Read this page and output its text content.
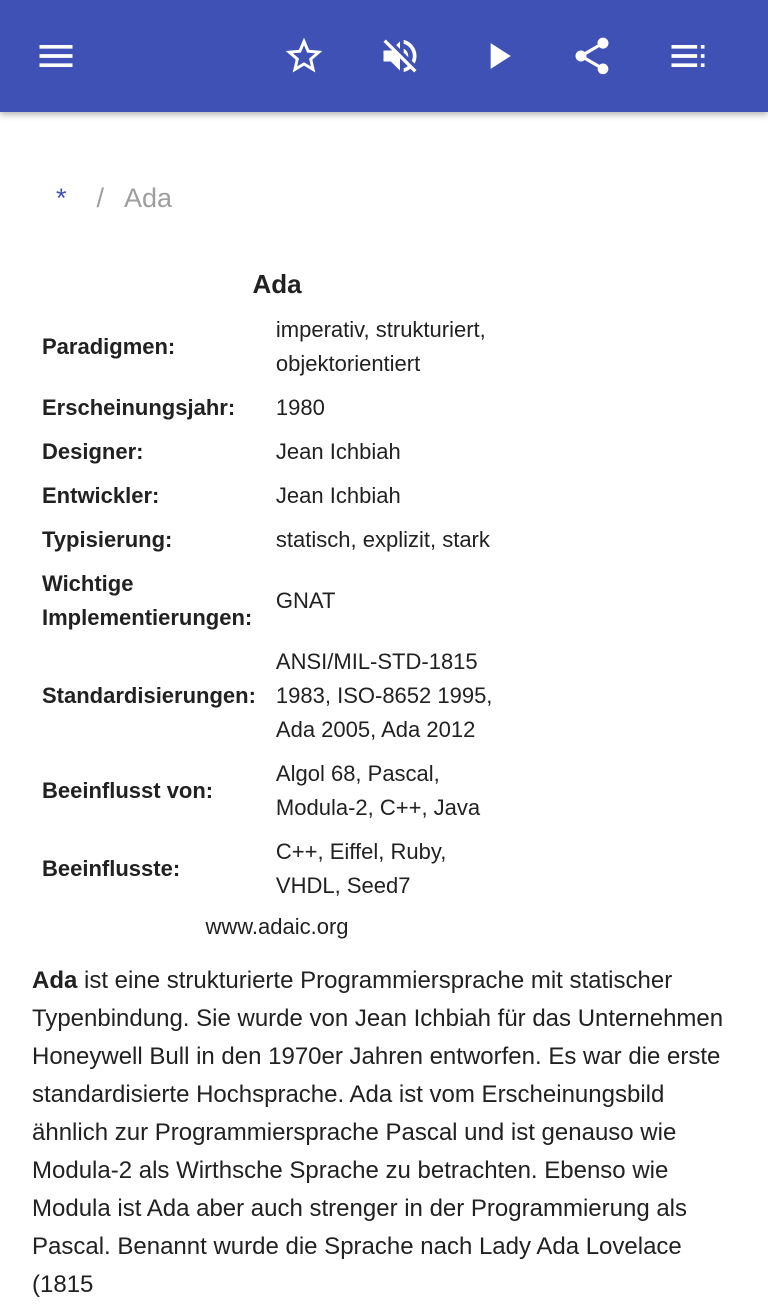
* / Ada
Ada
Paradigmen:	imperativ, strukturiert, objektorientiert
Erscheinungsjahr:	1980
Designer:	Jean Ichbiah
Entwickler:	Jean Ichbiah
Typisierung:	statisch, explizit, stark
Wichtige Implementierungen:	GNAT
Standardisierungen:	ANSI/MIL-STD-1815 1983, ISO-8652 1995, Ada 2005, Ada 2012
Beeinflusst von:	Algol 68, Pascal, Modula-2, C++, Java
Beeinflusste:	C++, Eiffel, Ruby, VHDL, Seed7
www.adaic.org

Ada ist eine strukturierte Programmiersprache mit statischer Typenbindung. Sie wurde von Jean Ichbiah für das Unternehmen Honeywell Bull in den 1970er Jahren entworfen. Es war die erste standardisierte Hochsprache. Ada ist vom Erscheinungsbild ähnlich zur Programmiersprache Pascal und ist genauso wie Modula-2 als Wirthsche Sprache zu betrachten. Ebenso wie Modula ist Ada aber auch strenger in der Programmierung als Pascal. Benannt wurde die Sprache nach Lady Ada Lovelace (1815
